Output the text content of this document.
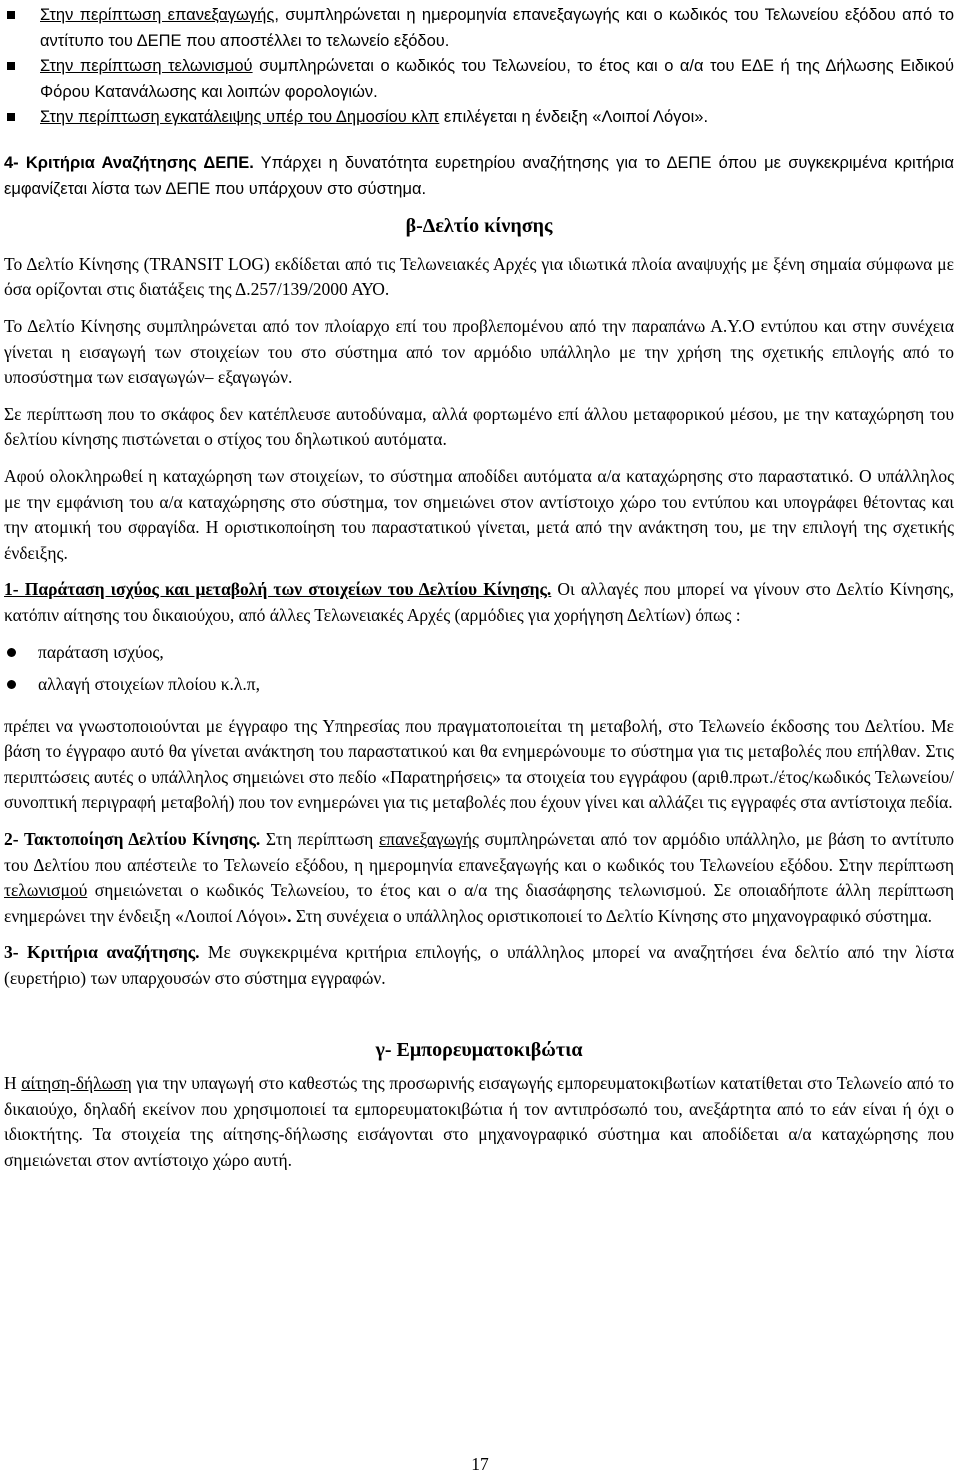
Στην περίπτωση επανεξαγωγής, συμπληρώνεται η ημερομηνία επανεξαγωγής και ο κωδικός του Τελωνείου εξόδου από το αντίτυπο του ΔΕΠΕ που αποστέλλει το τελωνείο εξόδου.
Στην περίπτωση τελωνισμού συμπληρώνεται ο κωδικός του Τελωνείου, το έτος και ο α/α του ΕΔΕ ή της Δήλωσης Ειδικού Φόρου Κατανάλωσης και λοιπών φορολογιών.
Στην περίπτωση εγκατάλειψης υπέρ του Δημοσίου κλπ επιλέγεται η ένδειξη «Λοιποί Λόγοι».

4- Κριτήρια Αναζήτησης ΔΕΠΕ. Υπάρχει η δυνατότητα ευρετηρίου αναζήτησης για το ΔΕΠΕ όπου με συγκεκριμένα κριτήρια εμφανίζεται λίστα των ΔΕΠΕ που υπάρχουν στο σύστημα.

β-Δελτίο κίνησης

Το Δελτίο Κίνησης (TRANSIT LOG) εκδίδεται από τις Τελωνειακές Αρχές για ιδιωτικά πλοία αναψυχής με ξένη σημαία σύμφωνα με όσα ορίζονται στις διατάξεις της Δ.257/139/2000 ΑΥΟ.

Το Δελτίο Κίνησης συμπληρώνεται από τον πλοίαρχο επί του προβλεπομένου από την παραπάνω Α.Υ.Ο εντύπου και στην συνέχεια γίνεται η εισαγωγή των στοιχείων του στο σύστημα από τον αρμόδιο υπάλληλο με την χρήση της σχετικής επιλογής από το υποσύστημα των εισαγωγών– εξαγωγών.

Σε περίπτωση που το σκάφος δεν κατέπλευσε αυτοδύναμα, αλλά φορτωμένο επί άλλου μεταφορικού μέσου, με την καταχώρηση του δελτίου κίνησης πιστώνεται ο στίχος του δηλωτικού αυτόματα.

Αφού ολοκληρωθεί η καταχώρηση των στοιχείων, το σύστημα αποδίδει αυτόματα α/α καταχώρησης στο παραστατικό. Ο υπάλληλος με την εμφάνιση του α/α καταχώρησης στο σύστημα, τον σημειώνει στον αντίστοιχο χώρο του εντύπου και υπογράφει θέτοντας και την ατομική του σφραγίδα. Η οριστικοποίηση του παραστατικού γίνεται, μετά από την ανάκτηση του, με την επιλογή της σχετικής ένδειξης.

1- Παράταση ισχύος και μεταβολή των στοιχείων του Δελτίου Κίνησης. Οι αλλαγές που μπορεί να γίνουν στο Δελτίο Κίνησης, κατόπιν αίτησης του δικαιούχου, από άλλες Τελωνειακές Αρχές (αρμόδιες για χορήγηση Δελτίων) όπως :

παράταση ισχύος,
αλλαγή στοιχείων πλοίου κ.λ.π,

πρέπει να γνωστοποιούνται με έγγραφο της Υπηρεσίας που πραγματοποιείται τη μεταβολή, στο Τελωνείο έκδοσης του Δελτίου. Με βάση το έγγραφο αυτό θα γίνεται ανάκτηση του παραστατικού και θα ενημερώνουμε το σύστημα για τις μεταβολές που επήλθαν. Στις περιπτώσεις αυτές ο υπάλληλος σημειώνει στο πεδίο «Παρατηρήσεις» τα στοιχεία του εγγράφου (αριθ.πρωτ./έτος/κωδικός Τελωνείου/συνοπτική περιγραφή μεταβολή) που τον ενημερώνει για τις μεταβολές που έχουν γίνει και αλλάζει τις εγγραφές στα αντίστοιχα πεδία.

2- Τακτοποίηση Δελτίου Κίνησης. Στη περίπτωση επανεξαγωγής συμπληρώνεται από τον αρμόδιο υπάλληλο, με βάση το αντίτυπο του Δελτίου που απέστειλε το Τελωνείο εξόδου, η ημερομηνία επανεξαγωγής και ο κωδικός του Τελωνείου εξόδου. Στην περίπτωση τελωνισμού σημειώνεται ο κωδικός Τελωνείου, το έτος και ο α/α της διασάφησης τελωνισμού. Σε οποιαδήποτε άλλη περίπτωση ενημερώνει την ένδειξη «Λοιποί Λόγοι». Στη συνέχεια ο υπάλληλος οριστικοποιεί το Δελτίο Κίνησης στο μηχανογραφικό σύστημα.

3- Κριτήρια αναζήτησης. Με συγκεκριμένα κριτήρια επιλογής, ο υπάλληλος μπορεί να αναζητήσει ένα δελτίο από την λίστα (ευρετήριο) των υπαρχουσών στο σύστημα εγγραφών.

γ- Εμπορευματοκιβώτια

Η αίτηση-δήλωση για την υπαγωγή στο καθεστώς της προσωρινής εισαγωγής εμπορευματοκιβωτίων κατατίθεται στο Τελωνείο από το δικαιούχο, δηλαδή εκείνον που χρησιμοποιεί τα εμπορευματοκιβώτια ή τον αντιπρόσωπό του, ανεξάρτητα από το εάν είναι ή όχι ο ιδιοκτήτης. Τα στοιχεία της αίτησης-δήλωσης εισάγονται στο μηχανογραφικό σύστημα και αποδίδεται α/α καταχώρησης που σημειώνεται στον αντίστοιχο χώρο αυτή.

17
